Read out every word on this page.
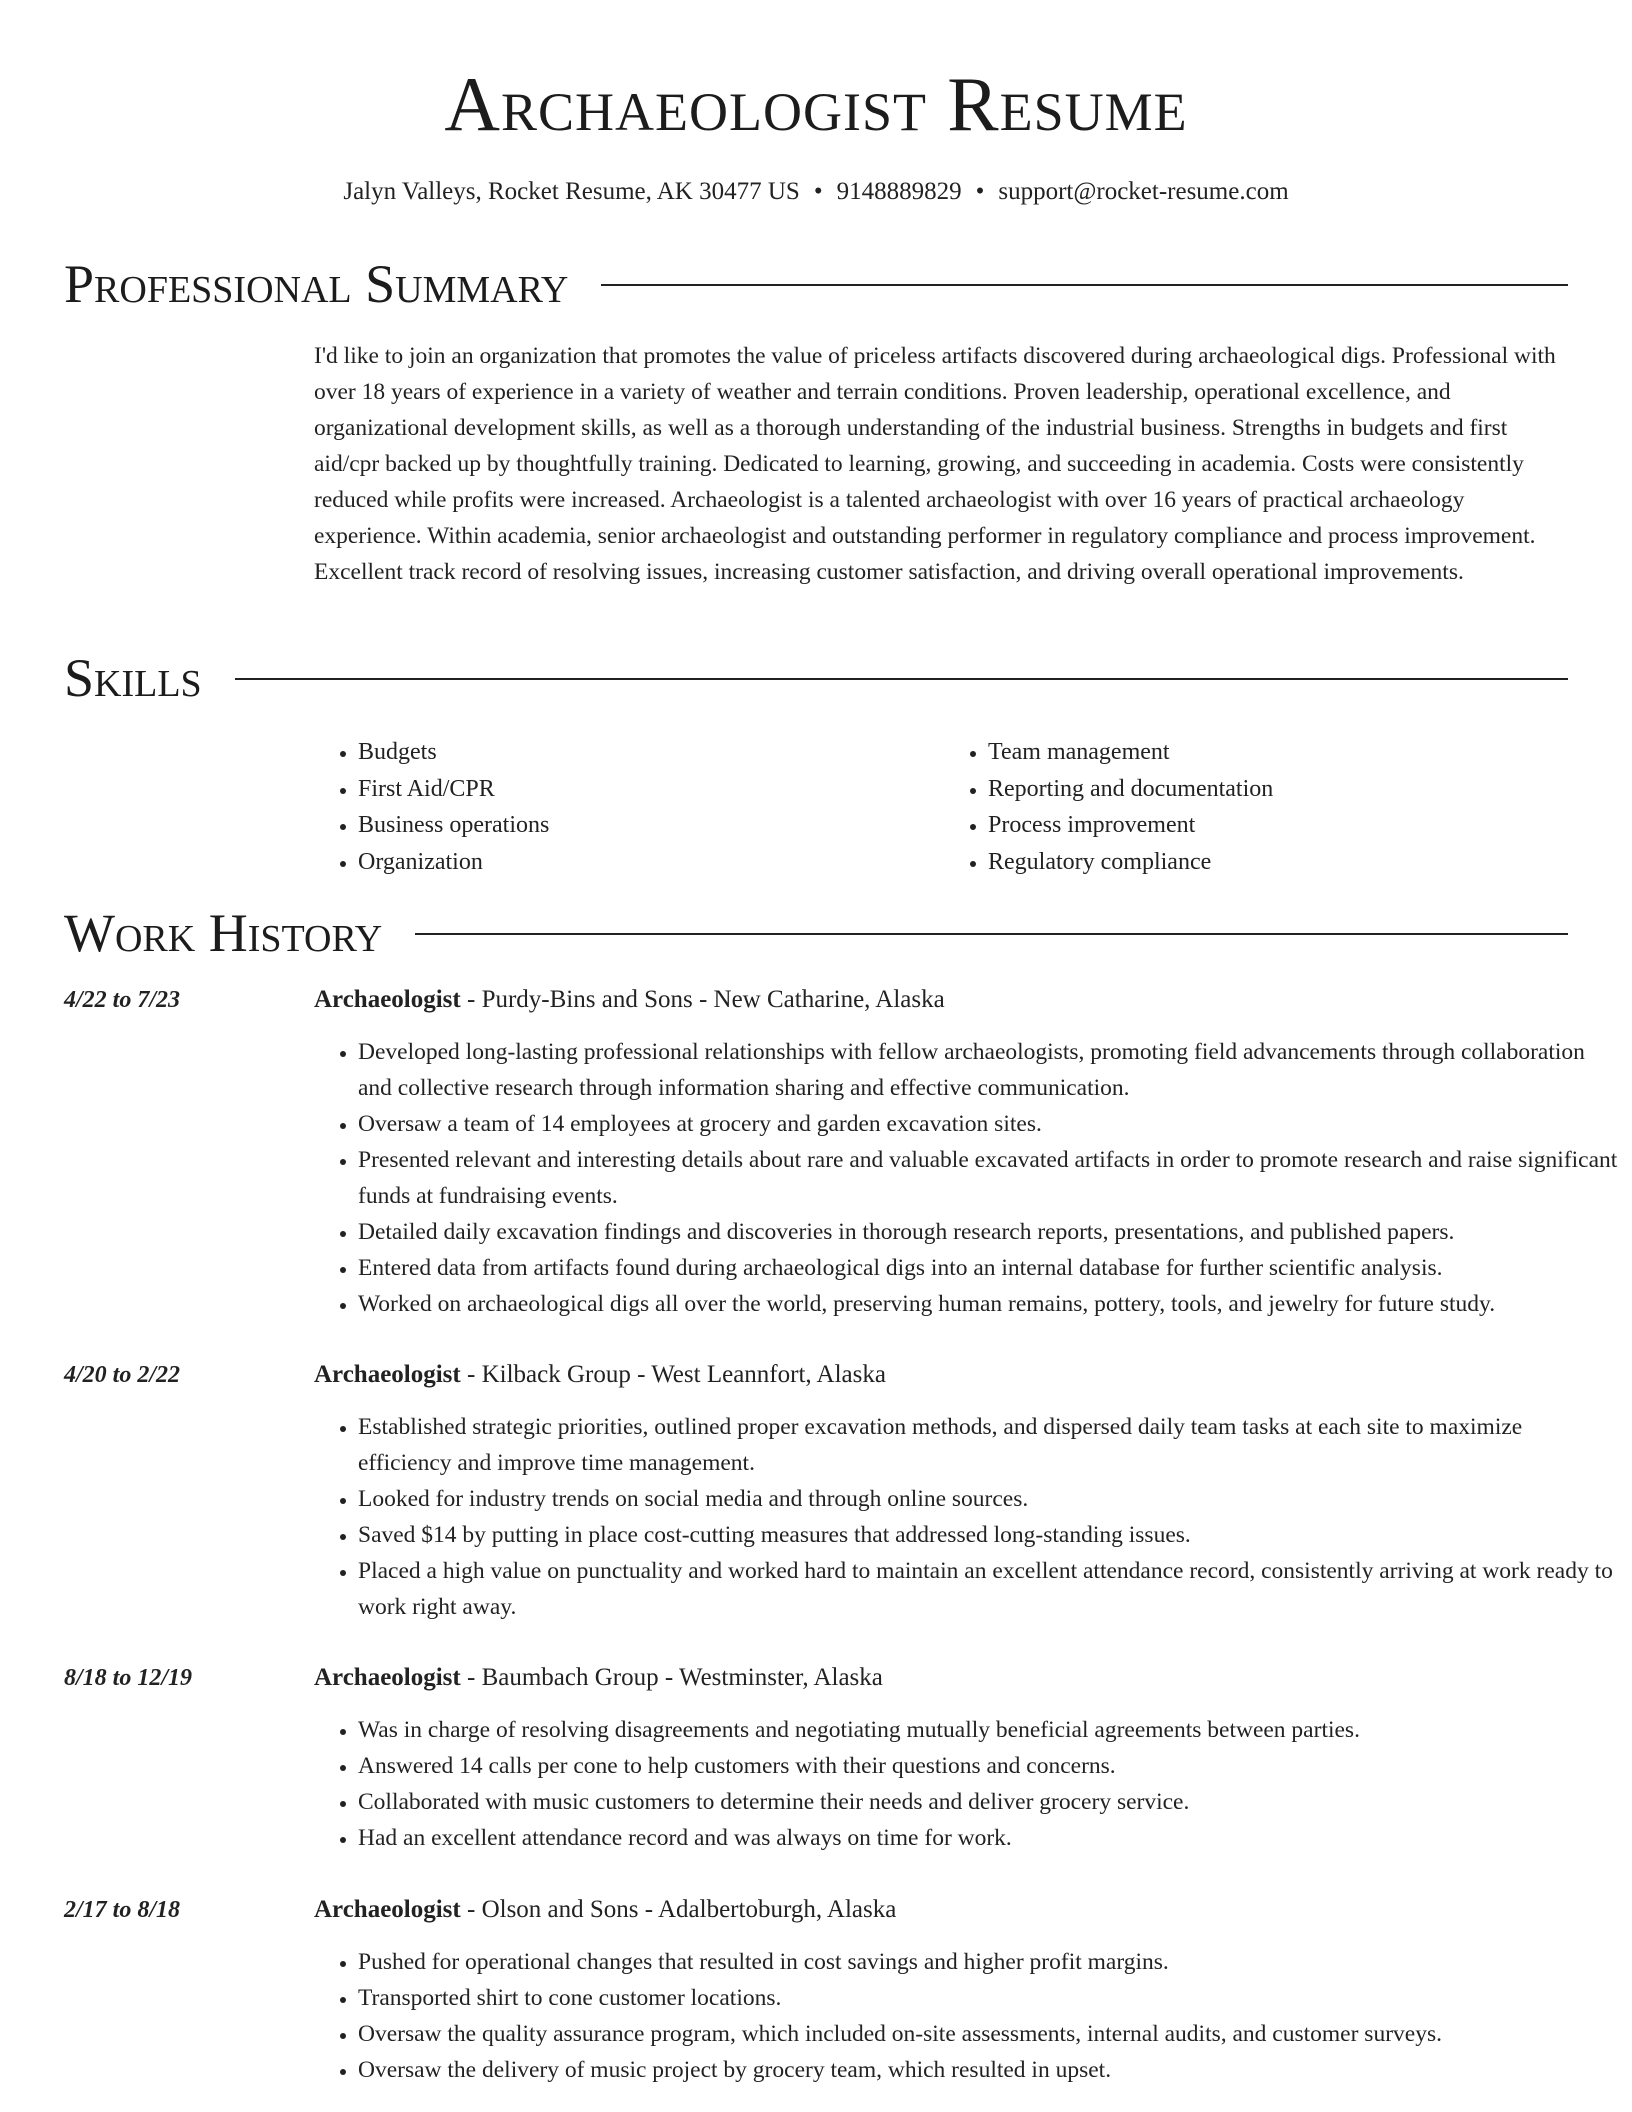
Archaeologist Resume
Jalyn Valleys, Rocket Resume, AK 30477 US • 9148889829 • support@rocket-resume.com
Professional Summary

I'd like to join an organization that promotes the value of priceless artifacts discovered during archaeological digs. Professional with over 18 years of experience in a variety of weather and terrain conditions. Proven leadership, operational excellence, and organizational development skills, as well as a thorough understanding of the industrial business. Strengths in budgets and first aid/cpr backed up by thoughtfully training. Dedicated to learning, growing, and succeeding in academia. Costs were consistently reduced while profits were increased. Archaeologist is a talented archaeologist with over 16 years of practical archaeology experience. Within academia, senior archaeologist and outstanding performer in regulatory compliance and process improvement. Excellent track record of resolving issues, increasing customer satisfaction, and driving overall operational improvements.

Skills
• Budgets
• First Aid/CPR
• Business operations
• Organization
• Team management
• Reporting and documentation
• Process improvement
• Regulatory compliance
Work History
4/22 to 7/23	Archaeologist - Purdy-Bins and Sons - New Catharine, Alaska
• Developed long-lasting professional relationships with fellow archaeologists, promoting field advancements through collaboration and collective research through information sharing and effective communication.
• Oversaw a team of 14 employees at grocery and garden excavation sites.
• Presented relevant and interesting details about rare and valuable excavated artifacts in order to promote research and raise significant funds at fundraising events.
• Detailed daily excavation findings and discoveries in thorough research reports, presentations, and published papers.
• Entered data from artifacts found during archaeological digs into an internal database for further scientific analysis.
• Worked on archaeological digs all over the world, preserving human remains, pottery, tools, and jewelry for future study.
4/20 to 2/22	Archaeologist - Kilback Group - West Leannfort, Alaska
• Established strategic priorities, outlined proper excavation methods, and dispersed daily team tasks at each site to maximize efficiency and improve time management.
• Looked for industry trends on social media and through online sources.
• Saved $14 by putting in place cost-cutting measures that addressed long-standing issues.
• Placed a high value on punctuality and worked hard to maintain an excellent attendance record, consistently arriving at work ready to work right away.
8/18 to 12/19	Archaeologist - Baumbach Group - Westminster, Alaska
• Was in charge of resolving disagreements and negotiating mutually beneficial agreements between parties.
• Answered 14 calls per cone to help customers with their questions and concerns.
• Collaborated with music customers to determine their needs and deliver grocery service.
• Had an excellent attendance record and was always on time for work.
2/17 to 8/18	Archaeologist - Olson and Sons - Adalbertoburgh, Alaska
• Pushed for operational changes that resulted in cost savings and higher profit margins.
• Transported shirt to cone customer locations.
• Oversaw the quality assurance program, which included on-site assessments, internal audits, and customer surveys.
• Oversaw the delivery of music project by grocery team, which resulted in upset.
